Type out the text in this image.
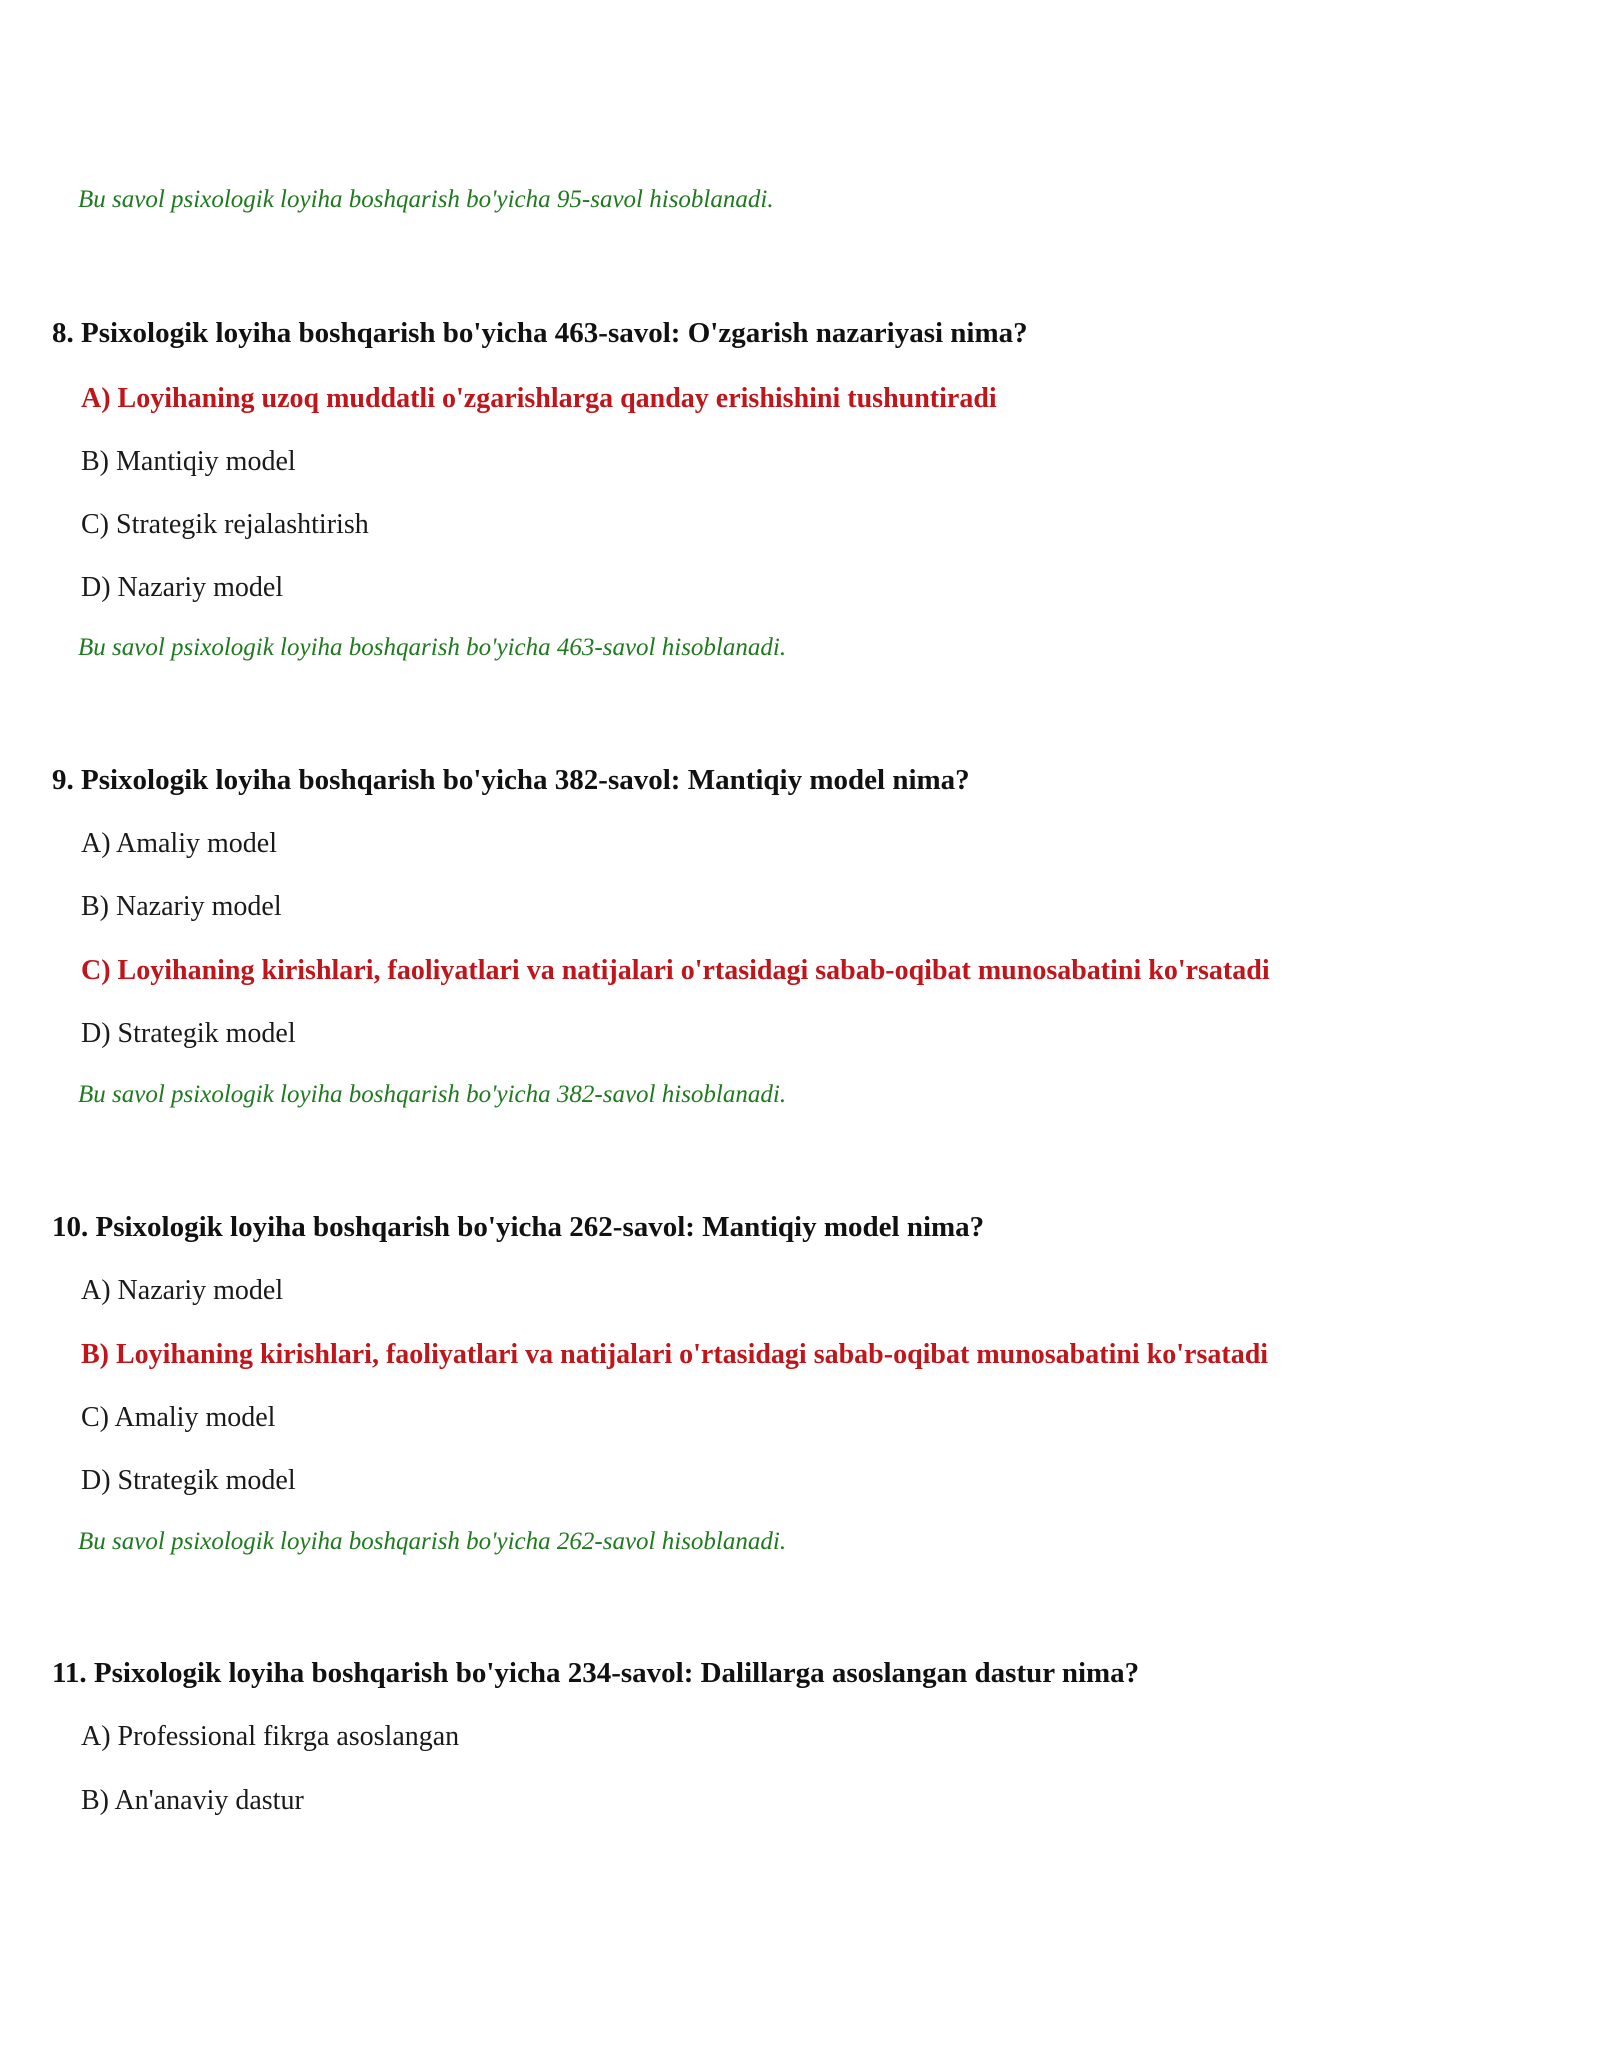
Bu savol psixologik loyiha boshqarish bo'yicha 95-savol hisoblanadi.
8. Psixologik loyiha boshqarish bo'yicha 463-savol: O'zgarish nazariyasi nima?
A) Loyihaning uzoq muddatli o'zgarishlarga qanday erishishini tushuntiradi
B) Mantiqiy model
C) Strategik rejalashtirish
D) Nazariy model
Bu savol psixologik loyiha boshqarish bo'yicha 463-savol hisoblanadi.
9. Psixologik loyiha boshqarish bo'yicha 382-savol: Mantiqiy model nima?
A) Amaliy model
B) Nazariy model
C) Loyihaning kirishlari, faoliyatlari va natijalari o'rtasidagi sabab-oqibat munosabatini ko'rsatadi
D) Strategik model
Bu savol psixologik loyiha boshqarish bo'yicha 382-savol hisoblanadi.
10. Psixologik loyiha boshqarish bo'yicha 262-savol: Mantiqiy model nima?
A) Nazariy model
B) Loyihaning kirishlari, faoliyatlari va natijalari o'rtasidagi sabab-oqibat munosabatini ko'rsatadi
C) Amaliy model
D) Strategik model
Bu savol psixologik loyiha boshqarish bo'yicha 262-savol hisoblanadi.
11. Psixologik loyiha boshqarish bo'yicha 234-savol: Dalillarga asoslangan dastur nima?
A) Professional fikrga asoslangan
B) An'anaviy dastur
